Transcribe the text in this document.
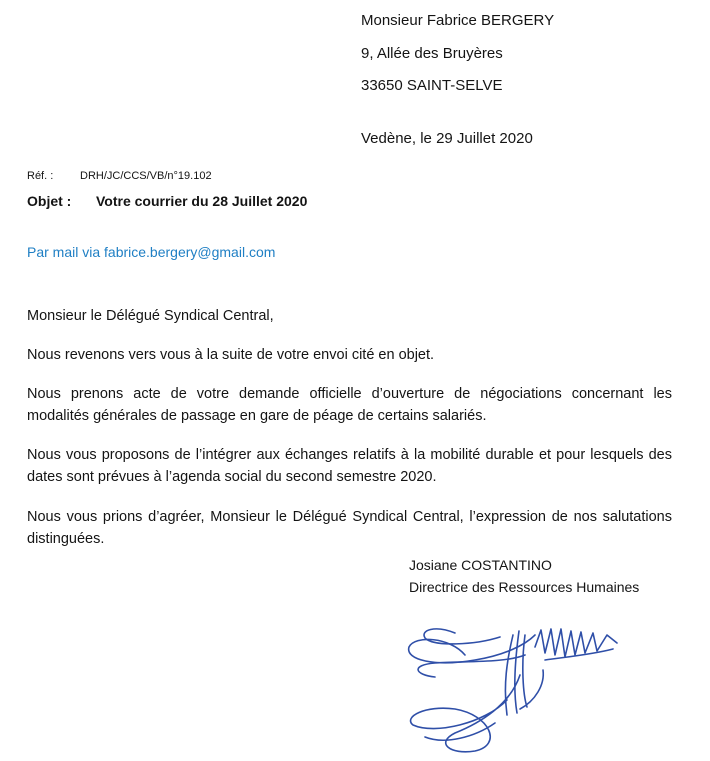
Monsieur Fabrice BERGERY
9, Allée des Bruyères
33650 SAINT-SELVE
Vedène, le 29 Juillet 2020
Réf. : DRH/JC/CCS/VB/n°19.102
Objet : Votre courrier du 28 Juillet 2020
Par mail via fabrice.bergery@gmail.com
Monsieur le Délégué Syndical Central,
Nous revenons vers vous à la suite de votre envoi cité en objet.
Nous prenons acte de votre demande officielle d’ouverture de négociations concernant les modalités générales de passage en gare de péage de certains salariés.
Nous vous proposons de l’intégrer aux échanges relatifs à la mobilité durable et pour lesquels des dates sont prévues à l’agenda social du second semestre 2020.
Nous vous prions d’agréer, Monsieur le Délégué Syndical Central, l’expression de nos salutations distinguées.
Josiane COSTANTINO
Directrice des Ressources Humaines
